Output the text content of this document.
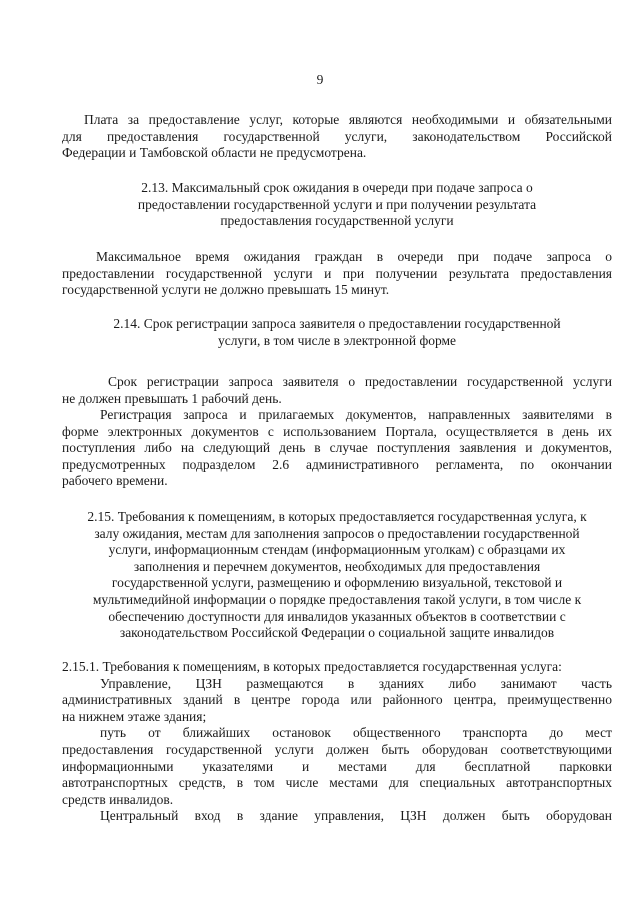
9
Плата за предоставление услуг, которые являются необходимыми и обязательными
для предоставления государственной услуги, законодательством Российской
Федерации и Тамбовской области не предусмотрена.
2.13. Максимальный срок ожидания в очереди при подаче запроса о
предоставлении государственной услуги и при получении результата
предоставления государственной услуги
Максимальное время ожидания граждан в очереди при подаче запроса о
предоставлении государственной услуги и при получении результата предоставления
государственной услуги не должно превышать 15 минут.
2.14. Срок регистрации запроса заявителя о предоставлении государственной
услуги, в том числе в электронной форме
Срок регистрации запроса заявителя о предоставлении государственной услуги
не должен превышать 1 рабочий день.
Регистрация запроса и прилагаемых документов, направленных заявителями в
форме электронных документов с использованием Портала, осуществляется в день их
поступления либо на следующий день в случае поступления заявления и документов,
предусмотренных подразделом 2.6 административного регламента, по окончании
рабочего времени.
2.15. Требования к помещениям, в которых предоставляется государственная услуга, к
залу ожидания, местам для заполнения запросов о предоставлении государственной
услуги, информационным стендам (информационным уголкам) с образцами их
заполнения и перечнем документов, необходимых для предоставления
государственной услуги, размещению и оформлению визуальной, текстовой и
мультимедийной информации о порядке предоставления такой услуги, в том числе к
обеспечению доступности для инвалидов указанных объектов в соответствии с
законодательством Российской Федерации о социальной защите инвалидов
2.15.1. Требования к помещениям, в которых предоставляется государственная услуга:
Управление, ЦЗН размещаются в зданиях либо занимают часть
административных зданий в центре города или районного центра, преимущественно
на нижнем этаже здания;
путь от ближайших остановок общественного транспорта до мест
предоставления государственной услуги должен быть оборудован соответствующими
информационными указателями и местами для бесплатной парковки
автотранспортных средств, в том числе местами для специальных автотранспортных
средств инвалидов.
Центральный вход в здание управления, ЦЗН должен быть оборудован
